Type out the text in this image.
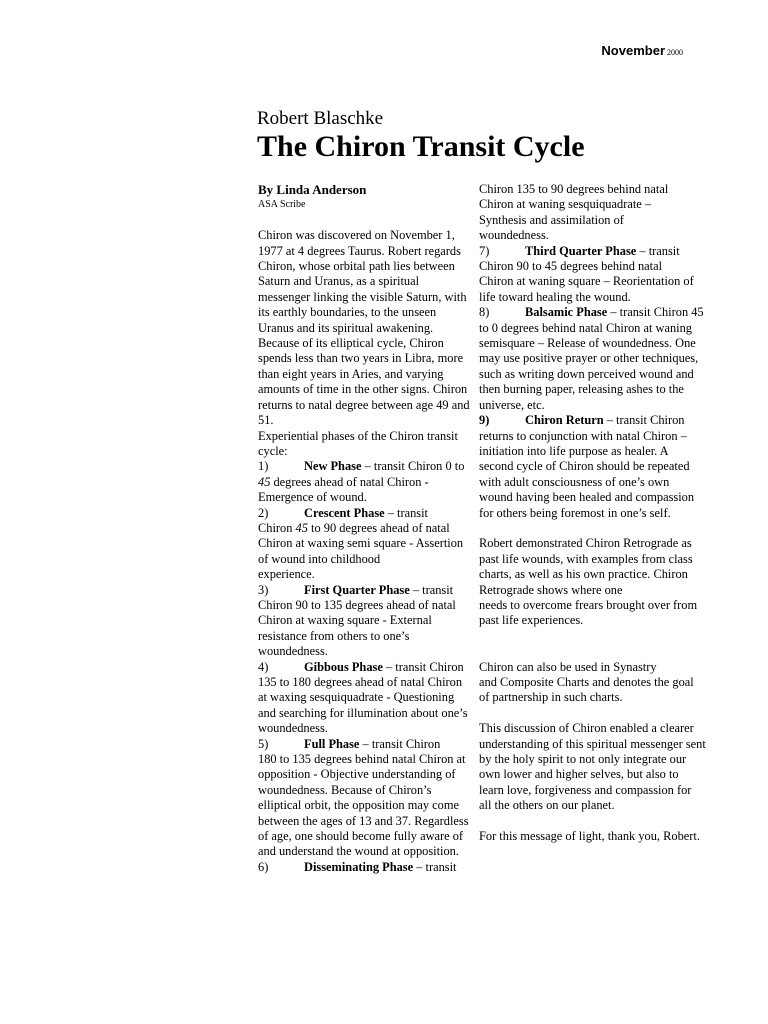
November 2000
Robert Blaschke
The Chiron Transit Cycle
By Linda Anderson
ASA Scribe
Chiron was discovered on November 1,
1977 at 4 degrees Taurus. Robert regards
Chiron, whose orbital path lies between
Saturn and Uranus, as a spiritual
messenger linking the visible Saturn, with
its earthly boundaries, to the unseen
Uranus and its spiritual awakening.
Because of its elliptical cycle, Chiron
spends less than two years in Libra, more
than eight years in Aries, and varying
amounts of time in the other signs. Chiron
returns to natal degree between age 49 and
51.
Experiential phases of the Chiron transit
cycle:
1)	New Phase – transit Chiron 0 to
45 degrees ahead of natal Chiron -
Emergence of wound.
2)	Crescent Phase – transit
Chiron 45 to 90 degrees ahead of natal
Chiron at waxing semi square - Assertion
of wound into childhood
experience.
3)	First Quarter Phase – transit
Chiron 90 to 135 degrees ahead of natal
Chiron at waxing square - External
resistance from others to one’s
woundedness.
4)	Gibbous Phase – transit Chiron
135 to 180 degrees ahead of natal Chiron
at waxing sesquiquadrate - Questioning
and searching for illumination about one’s
woundedness.
5)	Full Phase – transit Chiron
180 to 135 degrees behind natal Chiron at
opposition - Objective understanding of
woundedness. Because of Chiron’s
elliptical orbit, the opposition may come
between the ages of 13 and 37. Regardless
of age, one should become fully aware of
and understand the wound at opposition.
6)	Disseminating Phase – transit
Chiron 135 to 90 degrees behind natal
Chiron at waning sesquiquadrate –
Synthesis and assimilation of
woundedness.
7)	Third Quarter Phase – transit
Chiron 90 to 45 degrees behind natal
Chiron at waning square – Reorientation of
life toward healing the wound.
8)	Balsamic Phase – transit Chiron 45
to 0 degrees behind natal Chiron at waning
semisquare – Release of woundedness. One
may use positive prayer or other techniques,
such as writing down perceived wound and
then burning paper, releasing ashes to the
universe, etc.
9)	Chiron Return – transit Chiron
returns to conjunction with natal Chiron –
initiation into life purpose as healer. A
second cycle of Chiron should be repeated
with adult consciousness of one’s own
wound having been healed and compassion
for others being foremost in one’s self.
Robert demonstrated Chiron Retrograde as
past life wounds, with examples from class
charts, as well as his own practice. Chiron
Retrograde shows where one
needs to overcome frears brought over from
past life experiences.
Chiron can also be used in Synastry
and Composite Charts and denotes the goal
of partnership in such charts.
This discussion of Chiron enabled a clearer
understanding of this spiritual messenger sent
by the holy spirit to not only integrate our
own lower and higher selves, but also to
learn love, forgiveness and compassion for
all the others on our planet.
For this message of light, thank you, Robert.
